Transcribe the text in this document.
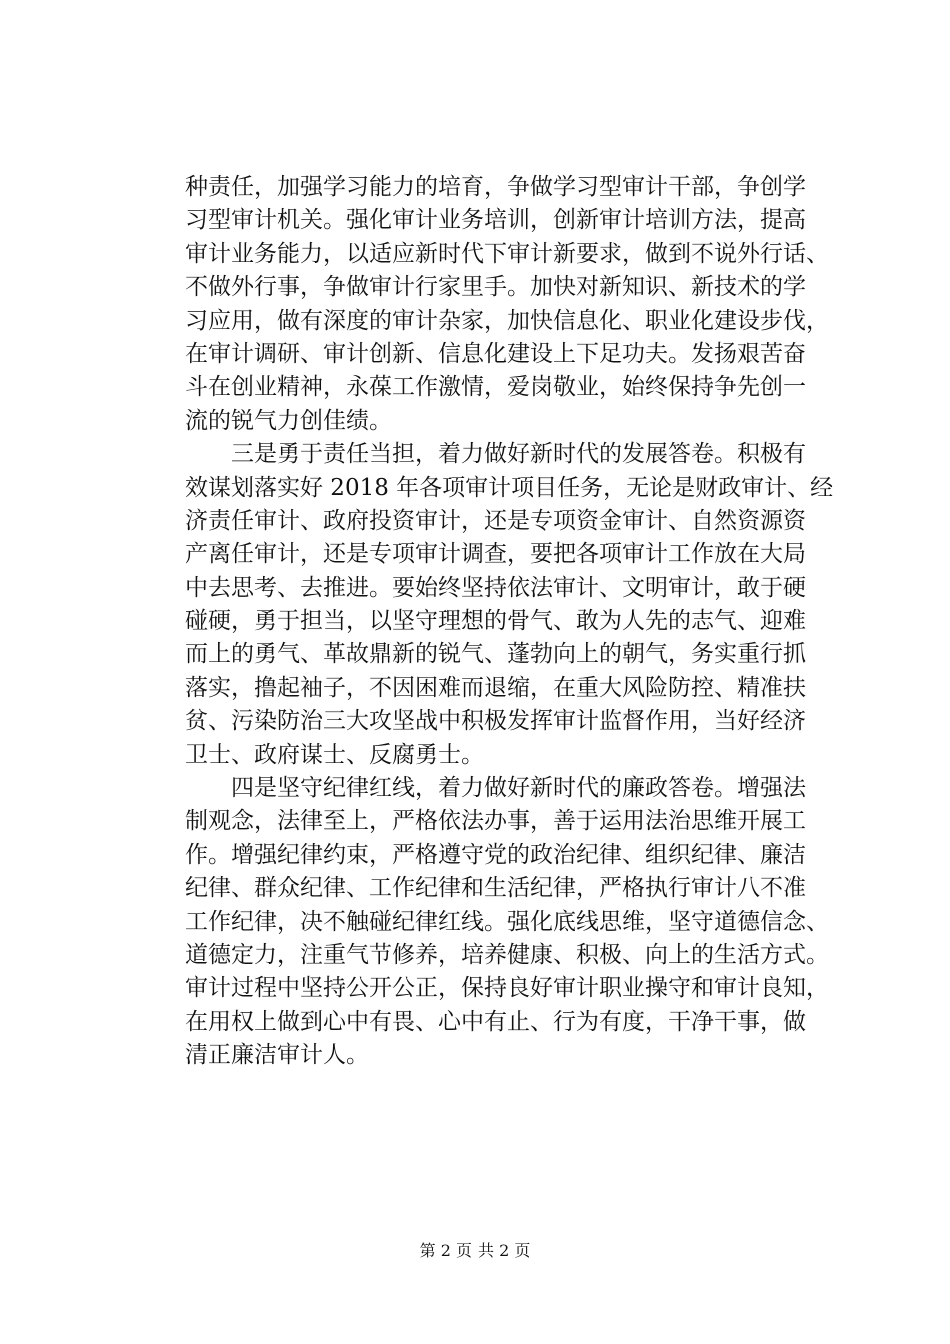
种责任，加强学习能力的培育，争做学习型审计干部，争创学
习型审计机关。强化审计业务培训，创新审计培训方法，提高
审计业务能力，以适应新时代下审计新要求，做到不说外行话、
不做外行事，争做审计行家里手。加快对新知识、新技术的学
习应用，做有深度的审计杂家，加快信息化、职业化建设步伐，
在审计调研、审计创新、信息化建设上下足功夫。发扬艰苦奋
斗在创业精神，永葆工作激情，爱岗敬业，始终保持争先创一
流的锐气力创佳绩。
三是勇于责任当担，着力做好新时代的发展答卷。积极有
效谋划落实好 2018 年各项审计项目任务，无论是财政审计、经
济责任审计、政府投资审计，还是专项资金审计、自然资源资
产离任审计，还是专项审计调查，要把各项审计工作放在大局
中去思考、去推进。要始终坚持依法审计、文明审计，敢于硬
碰硬，勇于担当，以坚守理想的骨气、敢为人先的志气、迎难
而上的勇气、革故鼎新的锐气、蓬勃向上的朝气，务实重行抓
落实，撸起袖子，不因困难而退缩，在重大风险防控、精准扶
贫、污染防治三大攻坚战中积极发挥审计监督作用，当好经济
卫士、政府谋士、反腐勇士。
四是坚守纪律红线，着力做好新时代的廉政答卷。增强法
制观念，法律至上，严格依法办事，善于运用法治思维开展工
作。增强纪律约束，严格遵守党的政治纪律、组织纪律、廉洁
纪律、群众纪律、工作纪律和生活纪律，严格执行审计八不准
工作纪律，决不触碰纪律红线。强化底线思维，坚守道德信念、
道德定力，注重气节修养，培养健康、积极、向上的生活方式。
审计过程中坚持公开公正，保持良好审计职业操守和审计良知，
在用权上做到心中有畏、心中有止、行为有度，干净干事，做
清正廉洁审计人。
第 2 页 共 2 页
